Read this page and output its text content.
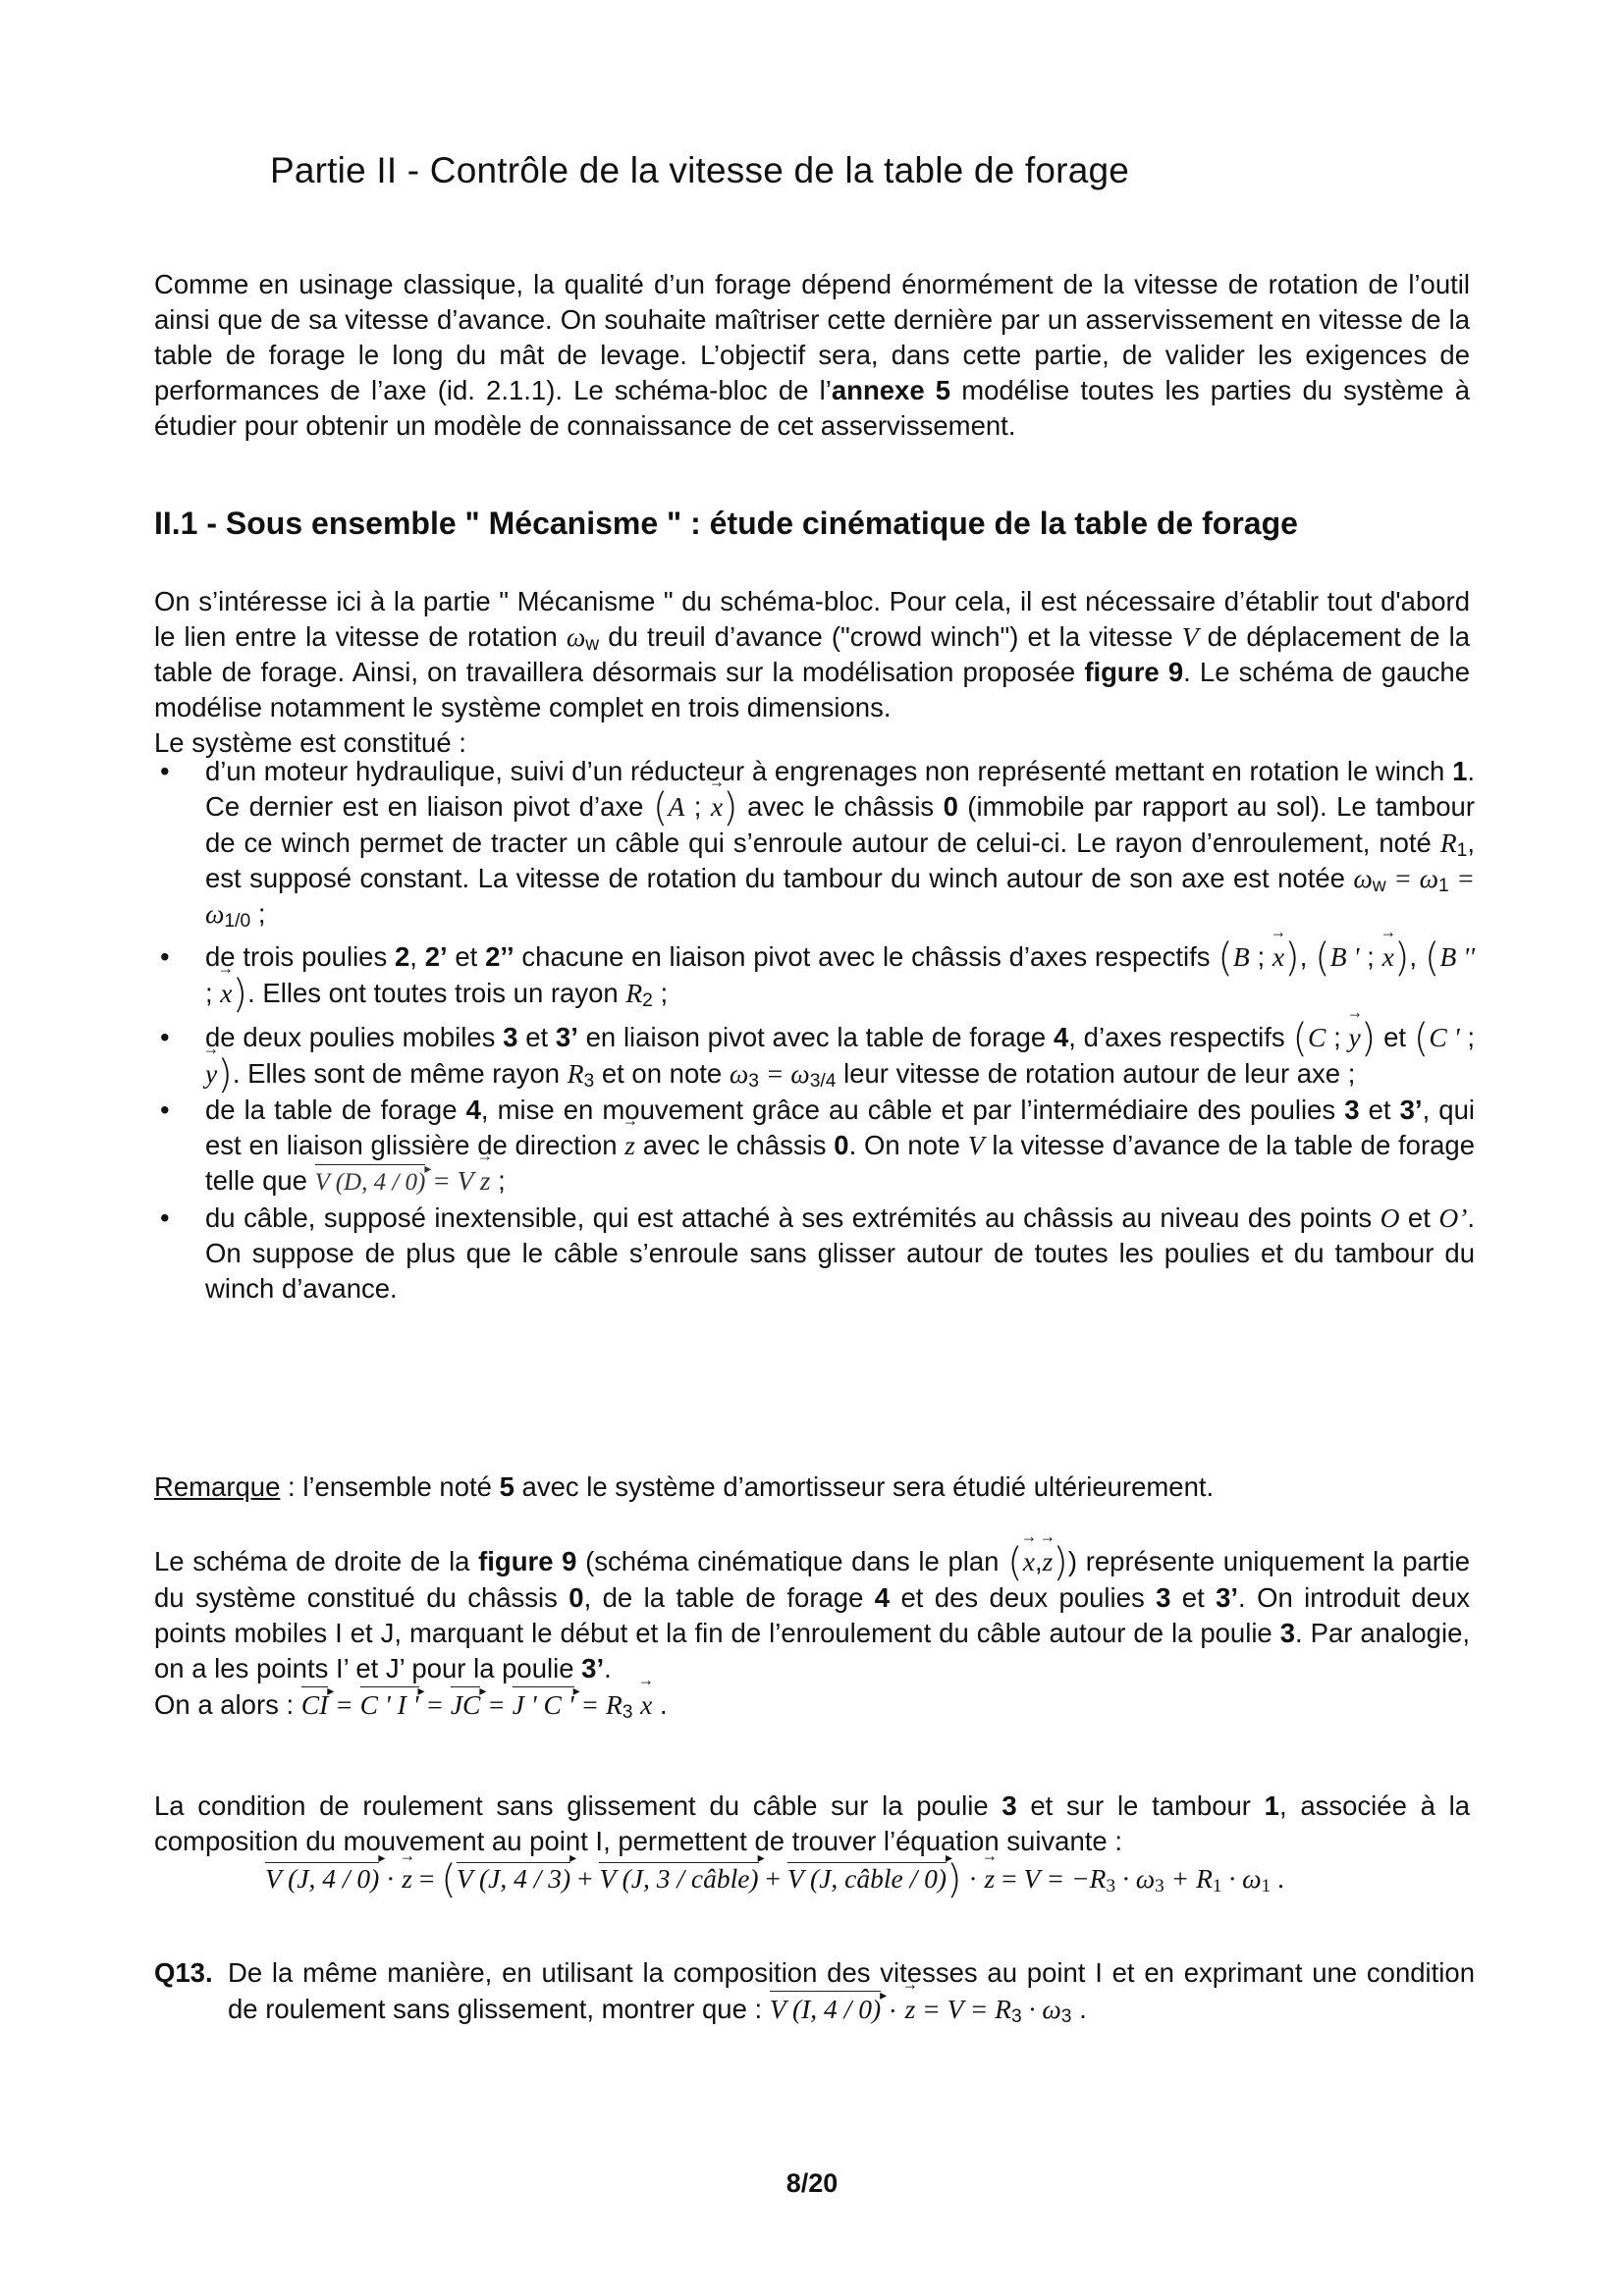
Partie II - Contrôle de la vitesse de la table de forage
Comme en usinage classique, la qualité d’un forage dépend énormément de la vitesse de rotation de l’outil ainsi que de sa vitesse d’avance. On souhaite maîtriser cette dernière par un asservissement en vitesse de la table de forage le long du mât de levage. L’objectif sera, dans cette partie, de valider les exigences de performances de l’axe (id. 2.1.1). Le schéma-bloc de l’annexe 5 modélise toutes les parties du système à étudier pour obtenir un modèle de connaissance de cet asservissement.
II.1 - Sous ensemble " Mécanisme " : étude cinématique de la table de forage
On s’intéresse ici à la partie " Mécanisme " du schéma-bloc. Pour cela, il est nécessaire d’établir tout d'abord le lien entre la vitesse de rotation $\omega_w$ du treuil d’avance ("crowd winch") et la vitesse V de déplacement de la table de forage. Ainsi, on travaillera désormais sur la modélisation proposée figure 9. Le schéma de gauche modélise notamment le système complet en trois dimensions.
Le système est constitué :
• d’un moteur hydraulique, suivi d’un réducteur à engrenages non représenté mettant en rotation le winch 1. Ce dernier est en liaison pivot d’axe (A ; x →) avec le châssis 0 (immobile par rapport au sol). Le tambour de ce winch permet de tracter un câble qui s’enroule autour de celui-ci. Le rayon d’enroulement, noté $R_1$, est supposé constant. La vitesse de rotation du tambour du winch autour de son axe est notée $\omega_w = \omega_1 = \omega_{1/0}$ ;
• de trois poulies 2, 2’ et 2’’ chacune en liaison pivot avec le châssis d’axes respectifs (B ; x →), (B ' ; x →), (B '' ; x →). Elles ont toutes trois un rayon $R_2$ ;
• de deux poulies mobiles 3 et 3’ en liaison pivot avec la table de forage 4, d’axes respectifs (C ; y →) et (C ' ; y →). Elles sont de même rayon $R_3$ et on note $\omega_3 = \omega_{3/4}$ leur vitesse de rotation autour de leur axe ;
• de la table de forage 4, mise en mouvement grâce au câble et par l’intermédiaire des poulies 3 et 3’, qui est en liaison glissière de direction z → avec le châssis 0. On note V la vitesse d’avance de la table de forage telle que V (D, 4 / 0) ▸ = V z → ;
• du câble, supposé inextensible, qui est attaché à ses extrémités au châssis au niveau des points O et O’. On suppose de plus que le câble s’enroule sans glisser autour de toutes les poulies et du tambour du winch d’avance.
Remarque : l’ensemble noté 5 avec le système d’amortisseur sera étudié ultérieurement.
Le schéma de droite de la figure 9 (schéma cinématique dans le plan (x →,z →)) représente uniquement la partie du système constitué du châssis 0, de la table de forage 4 et des deux poulies 3 et 3’. On introduit deux points mobiles I et J, marquant le début et la fin de l’enroulement du câble autour de la poulie 3. Par analogie, on a les points I’ et J’ pour la poulie 3’.
On a alors : CI ▸ = C ' I ' ▸ = JC ▸ = J ' C ' ▸ = $R_3$ x → .
La condition de roulement sans glissement du câble sur la poulie 3 et sur le tambour 1, associée à la composition du mouvement au point I, permettent de trouver l’équation suivante :
V (J, 4 / 0) ▸ · z → = (V (J, 4 / 3) ▸ + V (J, 3 / câble) ▸ + V (J, câble / 0) ▸) · z → = $V = -R_3 \cdot \omega_3 + R_1 \cdot \omega_1$ .
Q13. De la même manière, en utilisant la composition des vitesses au point I et en exprimant une condition de roulement sans glissement, montrer que : V (I, 4 / 0) ▸ · z → = $V = R_3 \cdot \omega_3$ .
8/20
